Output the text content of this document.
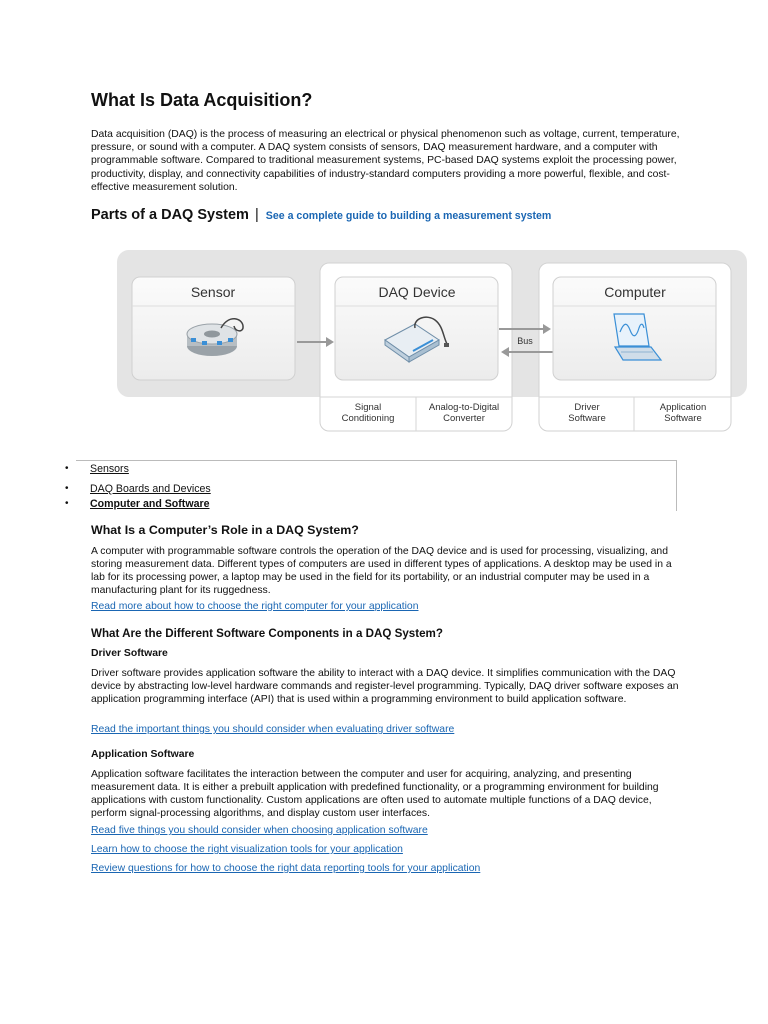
What Is Data Acquisition?

Data acquisition (DAQ) is the process of measuring an electrical or physical phenomenon such as voltage, current, temperature, pressure, or sound with a computer. A DAQ system consists of sensors, DAQ measurement hardware, and a computer with programmable software. Compared to traditional measurement systems, PC-based DAQ systems exploit the processing power, productivity, display, and connectivity capabilities of industry-standard computers providing a more powerful, flexible, and cost-effective measurement solution.

Parts of a DAQ System | See a complete guide to building a measurement system
Sensor	DAQ Device
Bus
Computer
Signal
Conditioning
Analog-to-Digital
Converter
Driver
Software
Application
Software
• Sensors
• DAQ Boards and Devices
• Computer and Software
What Is a Computer’s Role in a DAQ System?

A computer with programmable software controls the operation of the DAQ device and is used for processing, visualizing, and storing measurement data. Different types of computers are used in different types of applications. A desktop may be used in a lab for its processing power, a laptop may be used in the field for its portability, or an industrial computer may be used in a manufacturing plant for its ruggedness.

Read more about how to choose the right computer for your application
What Are the Different Software Components in a DAQ System?
Driver Software

Driver software provides application software the ability to interact with a DAQ device. It simplifies communication with the DAQ device by abstracting low-level hardware commands and register-level programming. Typically, DAQ driver software exposes an application programming interface (API) that is used within a programming environment to build application software.

Read the important things you should consider when evaluating driver software
Application Software

Application software facilitates the interaction between the computer and user for acquiring, analyzing, and presenting measurement data. It is either a prebuilt application with predefined functionality, or a programming environment for building applications with custom functionality. Custom applications are often used to automate multiple functions of a DAQ device, perform signal-processing algorithms, and display custom user interfaces.

Read five things you should consider when choosing application software
Learn how to choose the right visualization tools for your application
Review questions for how to choose the right data reporting tools for your application
